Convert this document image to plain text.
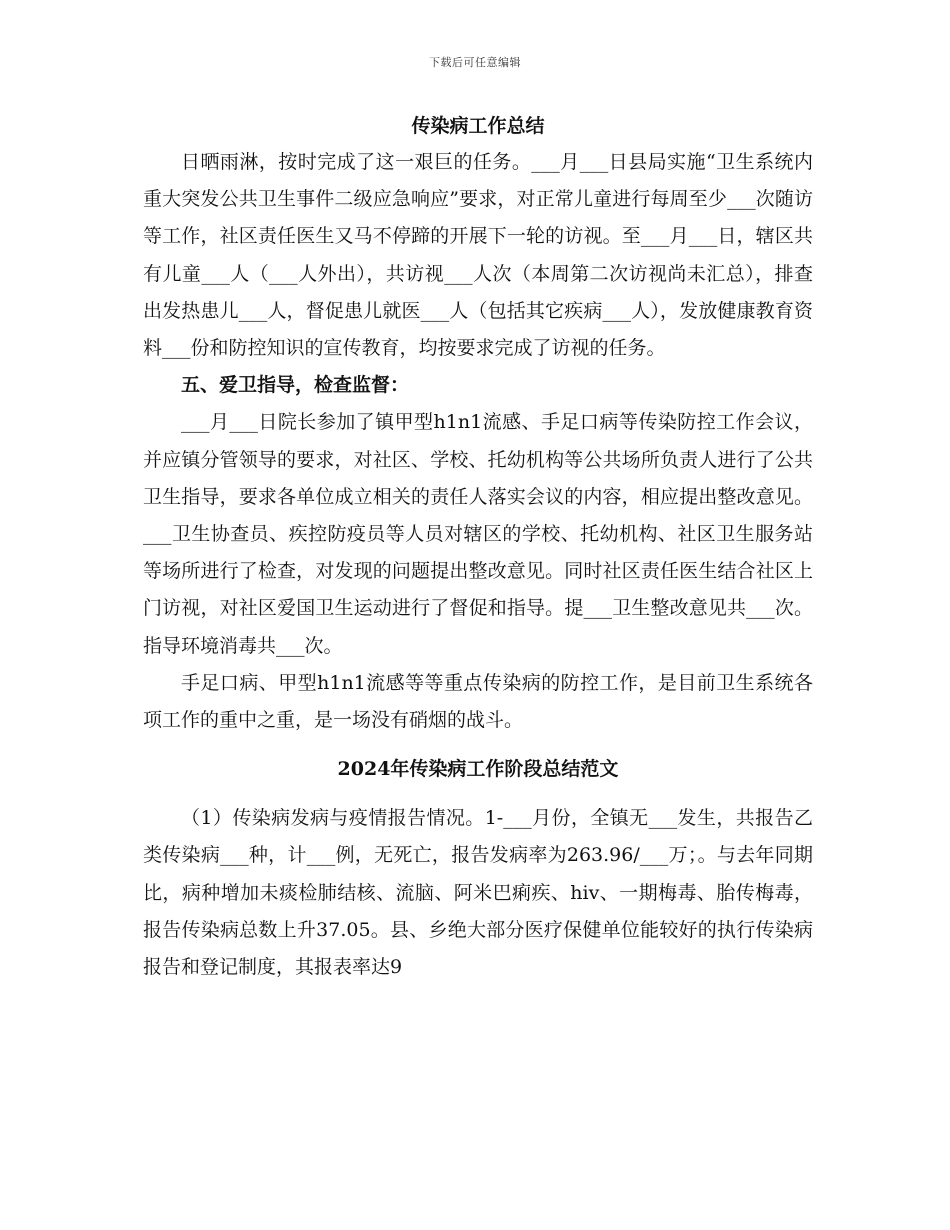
下载后可任意编辑
传染病工作总结

日晒雨淋，按时完成了这一艰巨的任务。___月___日县局实施“卫生系统内重大突发公共卫生事件二级应急响应”要求，对正常儿童进行每周至少___次随访等工作，社区责任医生又马不停蹄的开展下一轮的访视。至___月___日，辖区共有儿童___人（___人外出），共访视___人次（本周第二次访视尚未汇总），排查出发热患儿___人，督促患儿就医___人（包括其它疾病___人），发放健康教育资料___份和防控知识的宣传教育，均按要求完成了访视的任务。

五、爱卫指导，检查监督：

___月___日院长参加了镇甲型h1n1流感、手足口病等传染防控工作会议，并应镇分管领导的要求，对社区、学校、托幼机构等公共场所负责人进行了公共卫生指导，要求各单位成立相关的责任人落实会议的内容，相应提出整改意见。___卫生协查员、疾控防疫员等人员对辖区的学校、托幼机构、社区卫生服务站等场所进行了检查，对发现的问题提出整改意见。同时社区责任医生结合社区上门访视，对社区爱国卫生运动进行了督促和指导。提___卫生整改意见共___次。指导环境消毒共___次。

手足口病、甲型h1n1流感等等重点传染病的防控工作，是目前卫生系统各项工作的重中之重，是一场没有硝烟的战斗。

2024年传染病工作阶段总结范文

（1）传染病发病与疫情报告情况。1-___月份，全镇无___发生，共报告乙类传染病___种，计___例，无死亡，报告发病率为263.96/___万；。与去年同期比，病种增加未痰检肺结核、流脑、阿米巴痢疾、hiv、一期梅毒、胎传梅毒，报告传染病总数上升37.05。县、乡绝大部分医疗保健单位能较好的执行传染病报告和登记制度，其报表率达9
